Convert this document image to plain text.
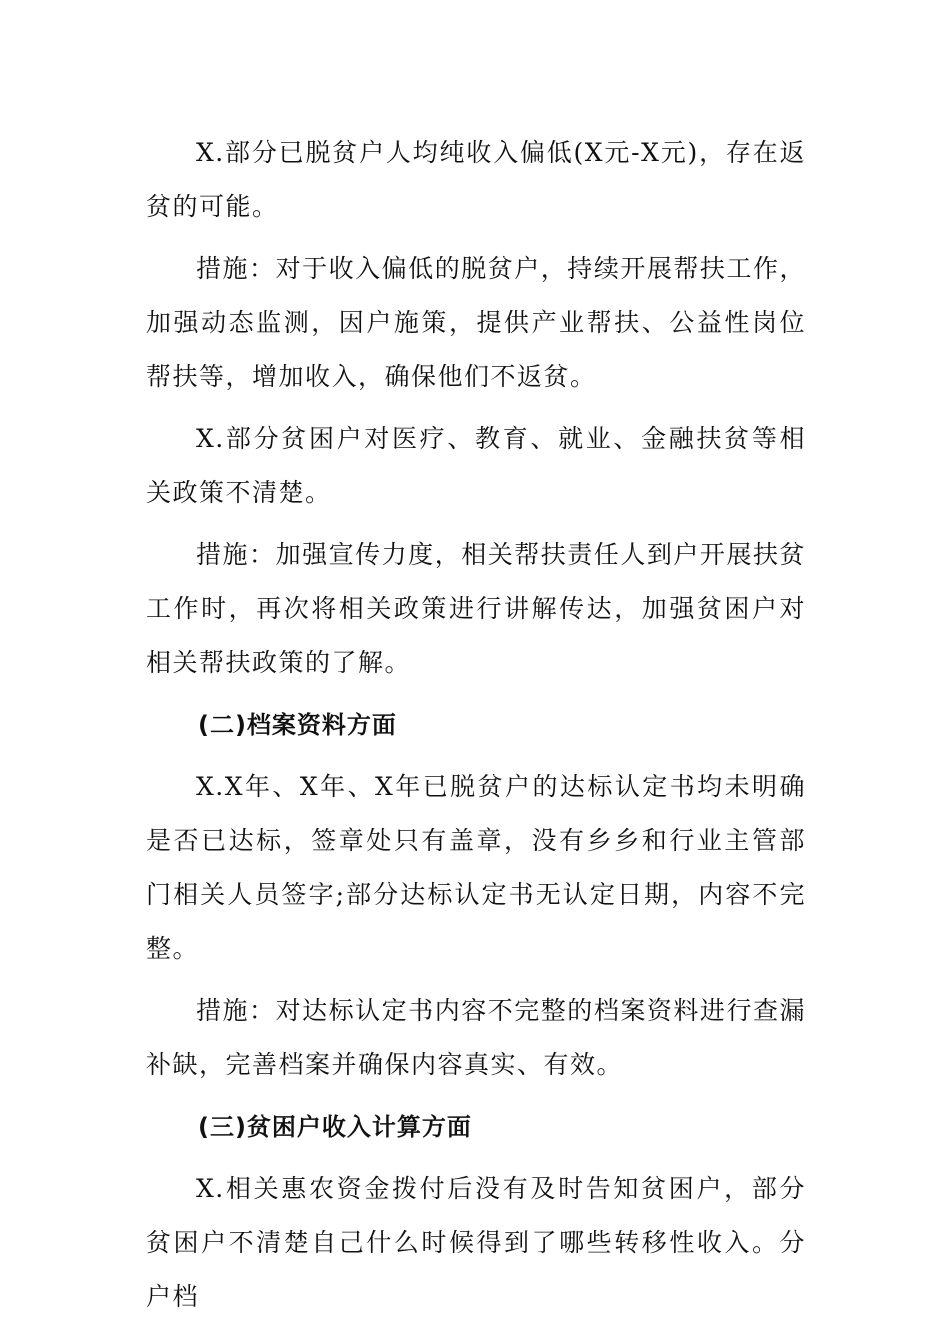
X.部分已脱贫户人均纯收入偏低(X元-X元)，存在返贫的可能。

措施：对于收入偏低的脱贫户，持续开展帮扶工作，加强动态监测，因户施策，提供产业帮扶、公益性岗位帮扶等，增加收入，确保他们不返贫。

X.部分贫困户对医疗、教育、就业、金融扶贫等相关政策不清楚。

措施：加强宣传力度，相关帮扶责任人到户开展扶贫工作时，再次将相关政策进行讲解传达，加强贫困户对相关帮扶政策的了解。

(二)档案资料方面

X.X年、X年、X年已脱贫户的达标认定书均未明确是否已达标，签章处只有盖章，没有乡乡和行业主管部门相关人员签字;部分达标认定书无认定日期，内容不完整。

措施：对达标认定书内容不完整的档案资料进行查漏补缺，完善档案并确保内容真实、有效。

(三)贫困户收入计算方面

X.相关惠农资金拨付后没有及时告知贫困户，部分贫困户不清楚自己什么时候得到了哪些转移性收入。分户档
